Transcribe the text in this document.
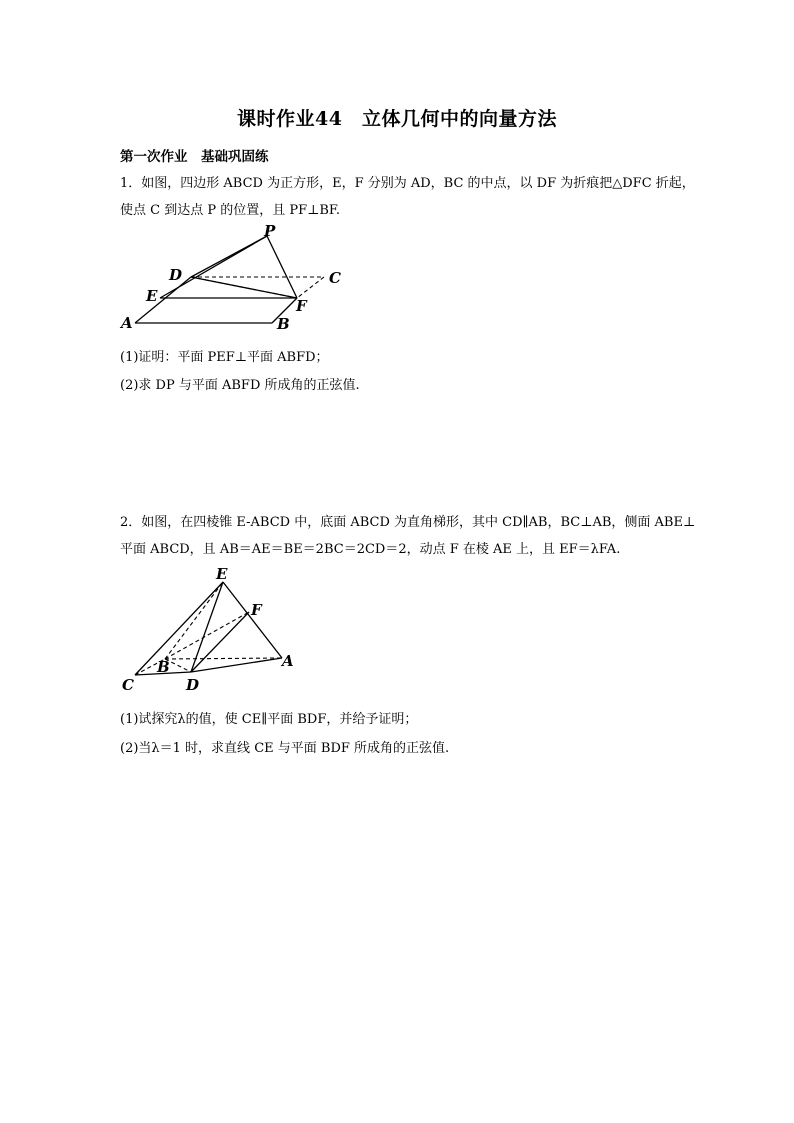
课时作业44　立体几何中的向量方法
第一次作业　基础巩固练
1．如图，四边形 ABCD 为正方形，E，F 分别为 AD，BC 的中点，以 DF 为折痕把△DFC 折起，
使点 C 到达点 P 的位置，且 PF⊥BF.
P
D	C
E
F
A	B
(1)证明：平面 PEF⊥平面 ABFD；
(2)求 DP 与平面 ABFD 所成角的正弦值.
2．如图，在四棱锥 E-ABCD 中，底面 ABCD 为直角梯形，其中 CD∥AB，BC⊥AB，侧面 ABE⊥
平面 ABCD，且 AB＝AE＝BE＝2BC＝2CD＝2，动点 F 在棱 AE 上，且 EF＝λFA.
E
F
A
B
C	D
(1)试探究λ的值，使 CE∥平面 BDF，并给予证明；
(2)当λ＝1 时，求直线 CE 与平面 BDF 所成角的正弦值.
